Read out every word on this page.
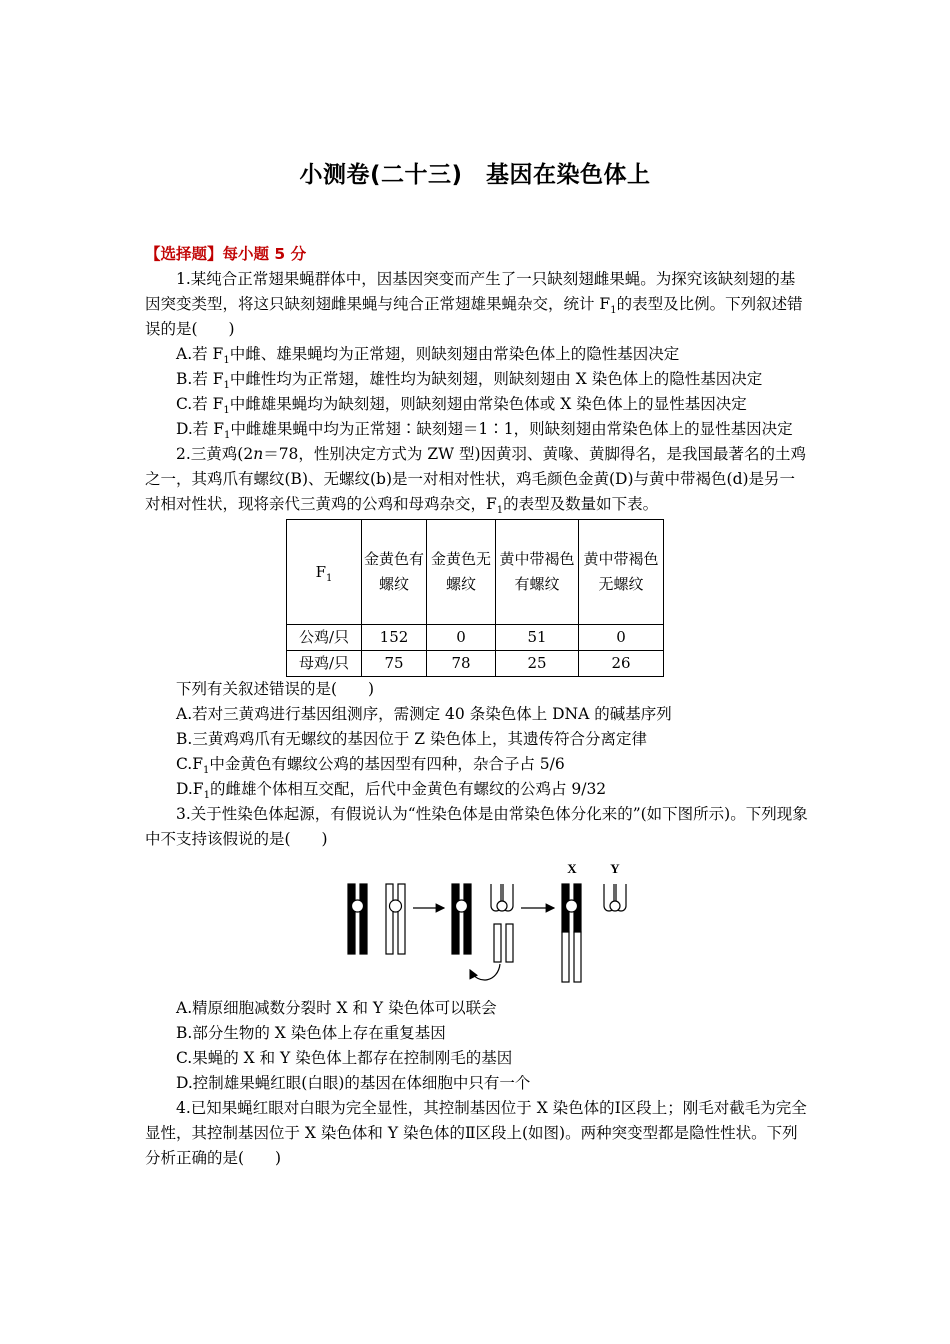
小测卷(二十三)　基因在染色体上

【选择题】每小题 5 分

1.某纯合正常翅果蝇群体中，因基因突变而产生了一只缺刻翅雌果蝇。为探究该缺刻翅的基因突变类型，将这只缺刻翅雌果蝇与纯合正常翅雄果蝇杂交，统计 $F_1$的表型及比例。下列叙述错误的是(　　)

A.若 $F_1$中雌、雄果蝇均为正常翅，则缺刻翅由常染色体上的隐性基因决定

B.若 $F_1$中雌性均为正常翅，雄性均为缺刻翅，则缺刻翅由 X 染色体上的隐性基因决定

C.若 $F_1$中雌雄果蝇均为缺刻翅，则缺刻翅由常染色体或 X 染色体上的显性基因决定

D.若 $F_1$中雌雄果蝇中均为正常翅∶缺刻翅＝1∶1，则缺刻翅由常染色体上的显性基因决定

2.三黄鸡(2n＝78，性别决定方式为 ZW 型)因黄羽、黄喙、黄脚得名，是我国最著名的土鸡之一，其鸡爪有螺纹(B)、无螺纹(b)是一对相对性状，鸡毛颜色金黄(D)与黄中带褐色(d)是另一对相对性状，现将亲代三黄鸡的公鸡和母鸡杂交，$F_1$的表型及数量如下表。

$F_1$	金黄色有螺纹	金黄色无螺纹	黄中带褐色有螺纹	黄中带褐色无螺纹
公鸡/只	152	0	51	0
母鸡/只	75	78	25	26

下列有关叙述错误的是(　　)

A.若对三黄鸡进行基因组测序，需测定 40 条染色体上 DNA 的碱基序列

B.三黄鸡鸡爪有无螺纹的基因位于 Z 染色体上，其遗传符合分离定律

$C.F_1$中金黄色有螺纹公鸡的基因型有四种，杂合子占 5/6

$D.F_1$的雌雄个体相互交配，后代中金黄色有螺纹的公鸡占 9/32

3.关于性染色体起源，有假说认为“性染色体是由常染色体分化来的”(如下图所示)。下列现象中不支持该假说的是(　　)

X	Y

A.精原细胞减数分裂时 X 和 Y 染色体可以联会

B.部分生物的 X 染色体上存在重复基因

C.果蝇的 X 和 Y 染色体上都存在控制刚毛的基因

D.控制雄果蝇红眼(白眼)的基因在体细胞中只有一个

4.已知果蝇红眼对白眼为完全显性，其控制基因位于 X 染色体的Ⅰ区段上；刚毛对截毛为完全显性，其控制基因位于 X 染色体和 Y 染色体的Ⅱ区段上(如图)。两种突变型都是隐性性状。下列分析正确的是(　　)
